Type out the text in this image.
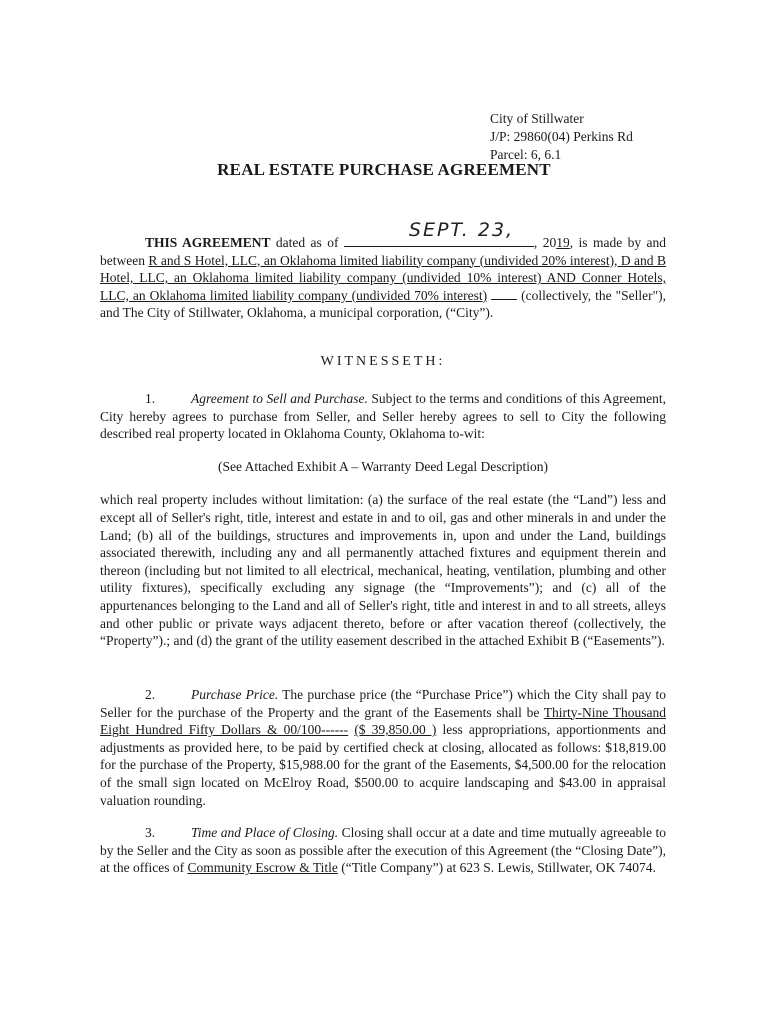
City of Stillwater
J/P: 29860(04) Perkins Rd
Parcel: 6, 6.1
REAL ESTATE PURCHASE AGREEMENT

THIS AGREEMENT dated as of
SEPT. 23,
, 2019, is made by and between R and S Hotel, LLC, an Oklahoma limited liability company (undivided 20% interest), D and B Hotel, LLC, an Oklahoma limited liability company (undivided 10% interest) AND Conner Hotels, LLC, an Oklahoma limited liability company (undivided 70% interest)  (collectively, the "Seller"), and The City of Stillwater, Oklahoma, a municipal corporation, (“City”).

WITNESSETH:

1.	Agreement to Sell and Purchase. Subject to the terms and conditions of this Agreement, City hereby agrees to purchase from Seller, and Seller hereby agrees to sell to City the following described real property located in Oklahoma County, Oklahoma to-wit:

(See Attached Exhibit A – Warranty Deed Legal Description)

which real property includes without limitation: (a) the surface of the real estate (the “Land”) less and except all of Seller's right, title, interest and estate in and to oil, gas and other minerals in and under the Land; (b) all of the buildings, structures and improvements in, upon and under the Land, buildings associated therewith, including any and all permanently attached fixtures and equipment therein and thereon (including but not limited to all electrical, mechanical, heating, ventilation, plumbing and other utility fixtures), specifically excluding any signage (the “Improvements”); and (c) all of the appurtenances belonging to the Land and all of Seller's right, title and interest in and to all streets, alleys and other public or private ways adjacent thereto, before or after vacation thereof (collectively, the “Property”).; and (d) the grant of the utility easement described in the attached Exhibit B (“Easements”).

2.	Purchase Price. The purchase price (the “Purchase Price”) which the City shall pay to Seller for the purchase of the Property and the grant of the Easements shall be Thirty-Nine Thousand Eight Hundred Fifty Dollars & 00/100------ ($ 39,850.00 ) less appropriations, apportionments and adjustments as provided here, to be paid by certified check at closing, allocated as follows: $18,819.00 for the purchase of the Property, $15,988.00 for the grant of the Easements, $4,500.00 for the relocation of the small sign located on McElroy Road, $500.00 to acquire landscaping and $43.00 in appraisal valuation rounding.

3.	Time and Place of Closing. Closing shall occur at a date and time mutually agreeable to by the Seller and the City as soon as possible after the execution of this Agreement (the “Closing Date”), at the offices of Community Escrow & Title (“Title Company”) at 623 S. Lewis, Stillwater, OK 74074.
